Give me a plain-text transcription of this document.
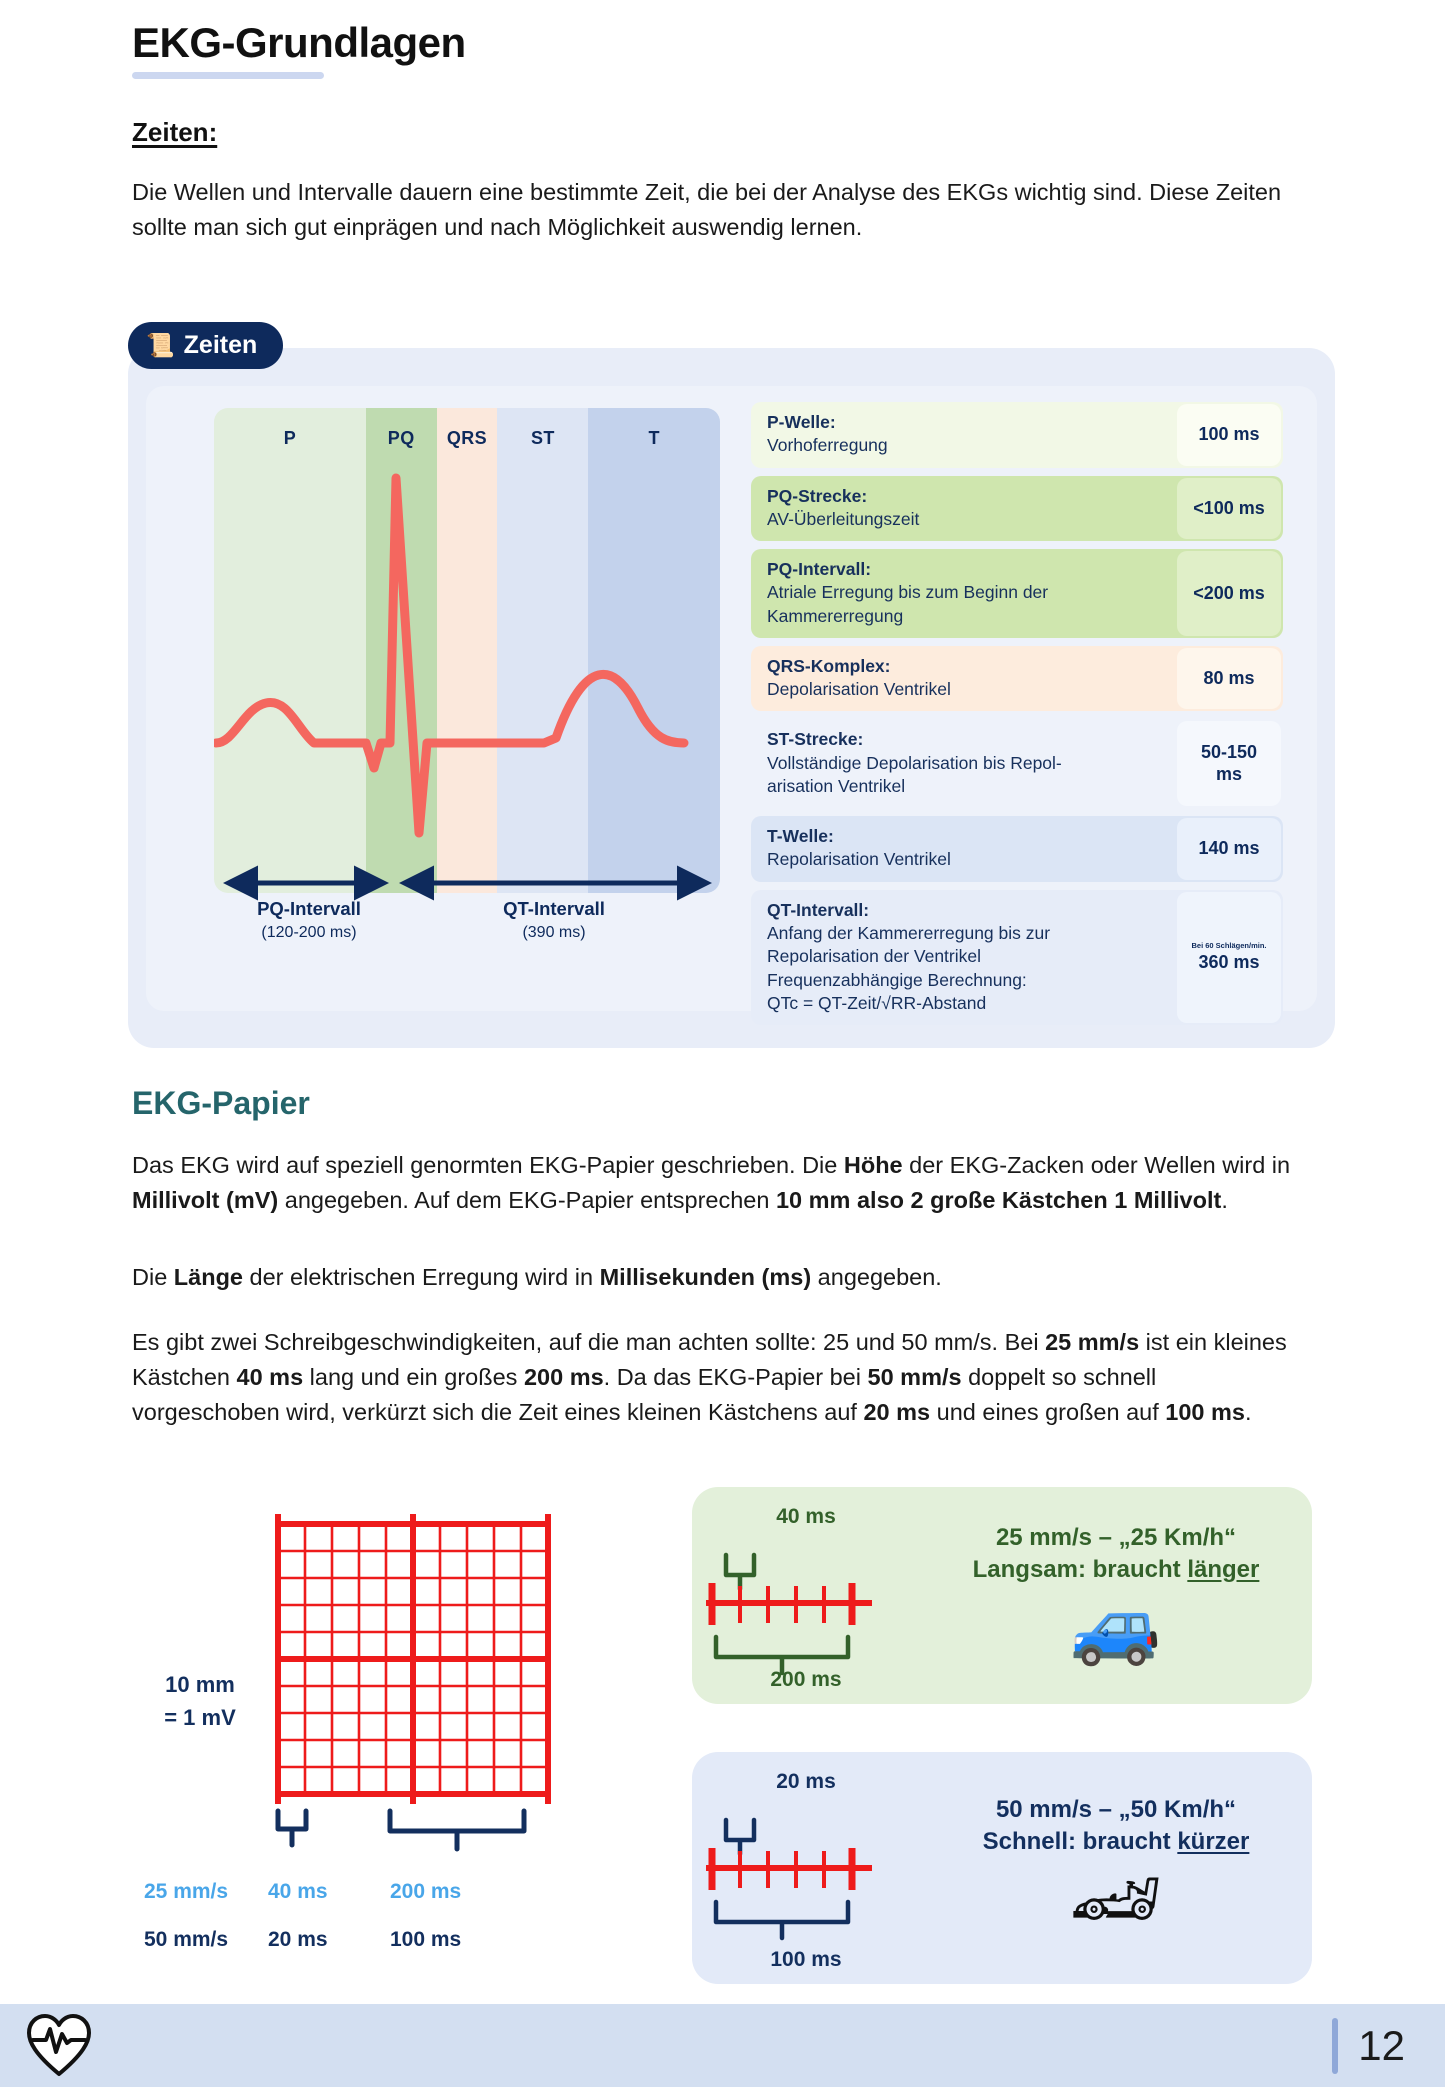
EKG-Grundlagen
Zeiten:
Die Wellen und Intervalle dauern eine bestimmte Zeit, die bei der Analyse des EKGs wichtig sind. Diese Zeiten sollte man sich gut einprägen und nach Möglichkeit auswendig lernen.
📜 Zeiten
P	PQ	QRS	ST	T
PQ-Intervall
(120-200 ms)
QT-Intervall
(390 ms)
P-Welle:
Vorhoferregung
100 ms
PQ-Strecke:
AV-Überleitungszeit
<100 ms
PQ-Intervall:
Atriale Erregung bis zum Beginn der Kammererregung
<200 ms
QRS-Komplex:
Depolarisation Ventrikel
80 ms
ST-Strecke:
Vollständige Depolarisation bis Repol-
arisation Ventrikel
50-150
ms
T-Welle:
Repolarisation Ventrikel
140 ms
QT-Intervall:
Anfang der Kammererregung bis zur Repolarisation der Ventrikel
Frequenzabhängige Berechnung:
QTc = QT-Zeit/√RR-Abstand
Bei 60 Schlägen/min.
360 ms
EKG-Papier
Das EKG wird auf speziell genormten EKG-Papier geschrieben. Die Höhe der EKG-Zacken oder Wellen wird in Millivolt (mV) angegeben. Auf dem EKG-Papier entsprechen 10 mm also 2 große Kästchen 1 Millivolt.
Die Länge der elektrischen Erregung wird in Millisekunden (ms) angegeben.
Es gibt zwei Schreibgeschwindigkeiten, auf die man achten sollte: 25 und 50 mm/s. Bei 25 mm/s ist ein kleines Kästchen 40 ms lang und ein großes 200 ms. Da das EKG-Papier bei 50 mm/s doppelt so schnell vorgeschoben wird, verkürzt sich die Zeit eines kleinen Kästchens auf 20 ms und eines großen auf 100 ms.
10 mm
= 1 mV
25 mm/s 40 ms	200 ms
50 mm/s 20 ms	100 ms
40 ms
200 ms
25 mm/s – „25 Km/h“
Langsam: braucht länger
🚙
20 ms
100 ms
50 mm/s – „50 Km/h“
Schnell: braucht kürzer
🏎
12
